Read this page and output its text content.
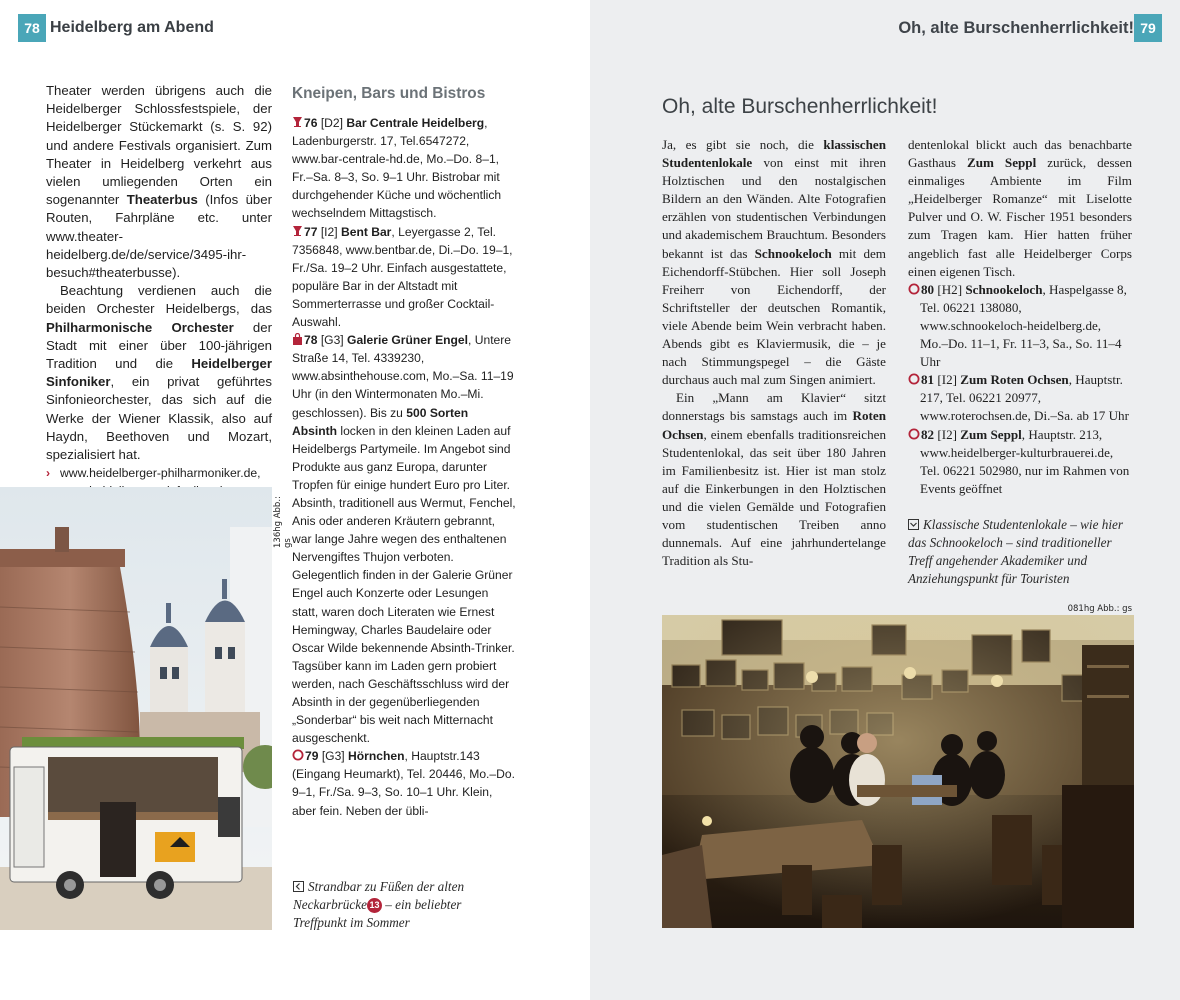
78 Heidelberg am Abend

Theater werden übrigens auch die Heidelberger Schlossfestspiele, der Heidelberger Stückemarkt (s. S. 92) und andere Festivals organisiert. Zum Theater in Heidelberg verkehrt aus vielen umliegenden Orten ein sogenannter Theaterbus (Infos über Routen, Fahrpläne etc. unter www.theater-heidelberg.de/de/service/3495-ihr-besuch#theaterbusse).

Beachtung verdienen auch die beiden Orchester Heidelbergs, das Philharmonische Orchester der Stadt mit einer über 100-jährigen Tradition und die Heidelberger Sinfoniker, ein privat geführtes Sinfonieorchester, das sich auf die Werke der Wiener Klassik, also auf Haydn, Beethoven und Mozart, spezialisiert hat.

› www.heidelberger-philharmoniker.de,

Kneipen, Bars und Bistros

76 [D2] Bar Centrale Heidelberg, Ladenburgerstr. 17, Tel.6547272, www.bar-centrale-hd.de, Mo.–Do. 8–1, Fr.–Sa. 8–3, So. 9–1 Uhr. Bistrobar mit durchgehender Küche und wöchentlich wechselndem Mittagstisch.

77 [I2] Bent Bar, Leyergasse 2, Tel. 7356848, www.bentbar.de, Di.–Do. 19–1, Fr./Sa. 19–2 Uhr. Einfach ausgestattete, populäre Bar in der Altstadt mit Sommerterrasse und großer Cocktail-Auswahl.

78 [G3] Galerie Grüner Engel, Untere Straße 14, Tel. 4339230, www.absinthehouse.com, Mo.–Sa. 11–19 Uhr (in den Wintermonaten Mo.–Mi. geschlossen). Bis zu 500 Sorten Absinth locken in den kleinen Laden auf Heidelbergs Partymeile. Im Angebot sind Produkte aus ganz Europa, darunter Tropfen für einige hundert Euro pro Liter. Absinth, traditionell aus Wermut, Fenchel, Anis oder anderen Kräutern gebrannt, war lange Jahre wegen des enthaltenen Nervengiftes Thujon verboten. Gelegentlich finden in der Galerie Grüner Engel auch Konzerte oder Lesungen statt, waren doch Literaten wie Ernest Hemingway, Charles Baudelaire oder Oscar Wilde bekennende Absinth-Trinker. Tagsüber kann im Laden gern probiert werden, nach Geschäftsschluss wird der Absinth in der gegenüberliegenden „Sonderbar“ bis weit nach Mitternacht ausgeschenkt.

79 [G3] Hörnchen, Hauptstr.143 (Eingang Heumarkt), Tel. 20446, Mo.–Do. 9–1, Fr./Sa. 9–3, So. 10–1 Uhr. Klein, aber fein. Neben der übli-

136hg Abb.: gs
Strandbar zu Füßen der alten Neckarbrücke 13 – ein beliebter Treffpunkt im Sommer
Oh, alte Burschenherrlichkeit! 79
Oh, alte Burschenherrlichkeit!

Ja, es gibt sie noch, die klassischen Studentenlokale von einst mit ihren Holztischen und den nostalgischen Bildern an den Wänden. Alte Fotografien erzählen von studentischen Verbindungen und akademischem Brauchtum. Besonders bekannt ist das Schnookeloch mit dem Eichendorff-Stübchen. Hier soll Joseph Freiherr von Eichendorff, der Schriftsteller der deutschen Romantik, viele Abende beim Wein verbracht haben. Abends gibt es Klaviermusik, die – je nach Stimmungspegel – die Gäste durchaus auch mal zum Singen animiert.

Ein „Mann am Klavier“ sitzt donnerstags bis samstags auch im Roten Ochsen, einem ebenfalls traditionsreichen Studentenlokal, das seit über 180 Jahren im Familienbesitz ist. Hier ist man stolz auf die Einkerbungen in den Holztischen und die vielen Gemälde und Fotografien vom studentischen Treiben anno dunnemals. Auf eine jahrhundertelange Tradition als Stu-

dentenlokal blickt auch das benachbarte Gasthaus Zum Seppl zurück, dessen einmaliges Ambiente im Film „Heidelberger Romanze“ mit Liselotte Pulver und O. W. Fischer 1951 besonders zum Tragen kam. Hier hatten früher angeblich fast alle Heidelberger Corps einen eigenen Tisch.

80 [H2] Schnookeloch, Haspelgasse 8, Tel. 06221 138080, www.schnookeloch-heidelberg.de, Mo.–Do. 11–1, Fr. 11–3, Sa., So. 11–4 Uhr

81 [I2] Zum Roten Ochsen, Hauptstr. 217, Tel. 06221 20977, www.roterochsen.de, Di.–Sa. ab 17 Uhr

82 [I2] Zum Seppl, Hauptstr. 213, www.heidelberger-kulturbrauerei.de, Tel. 06221 502980, nur im Rahmen von Events geöffnet

Klassische Studentenlokale – wie hier das Schnookeloch – sind traditioneller Treff angehender Akademiker und Anziehungspunkt für Touristen
081hg Abb.: gs
